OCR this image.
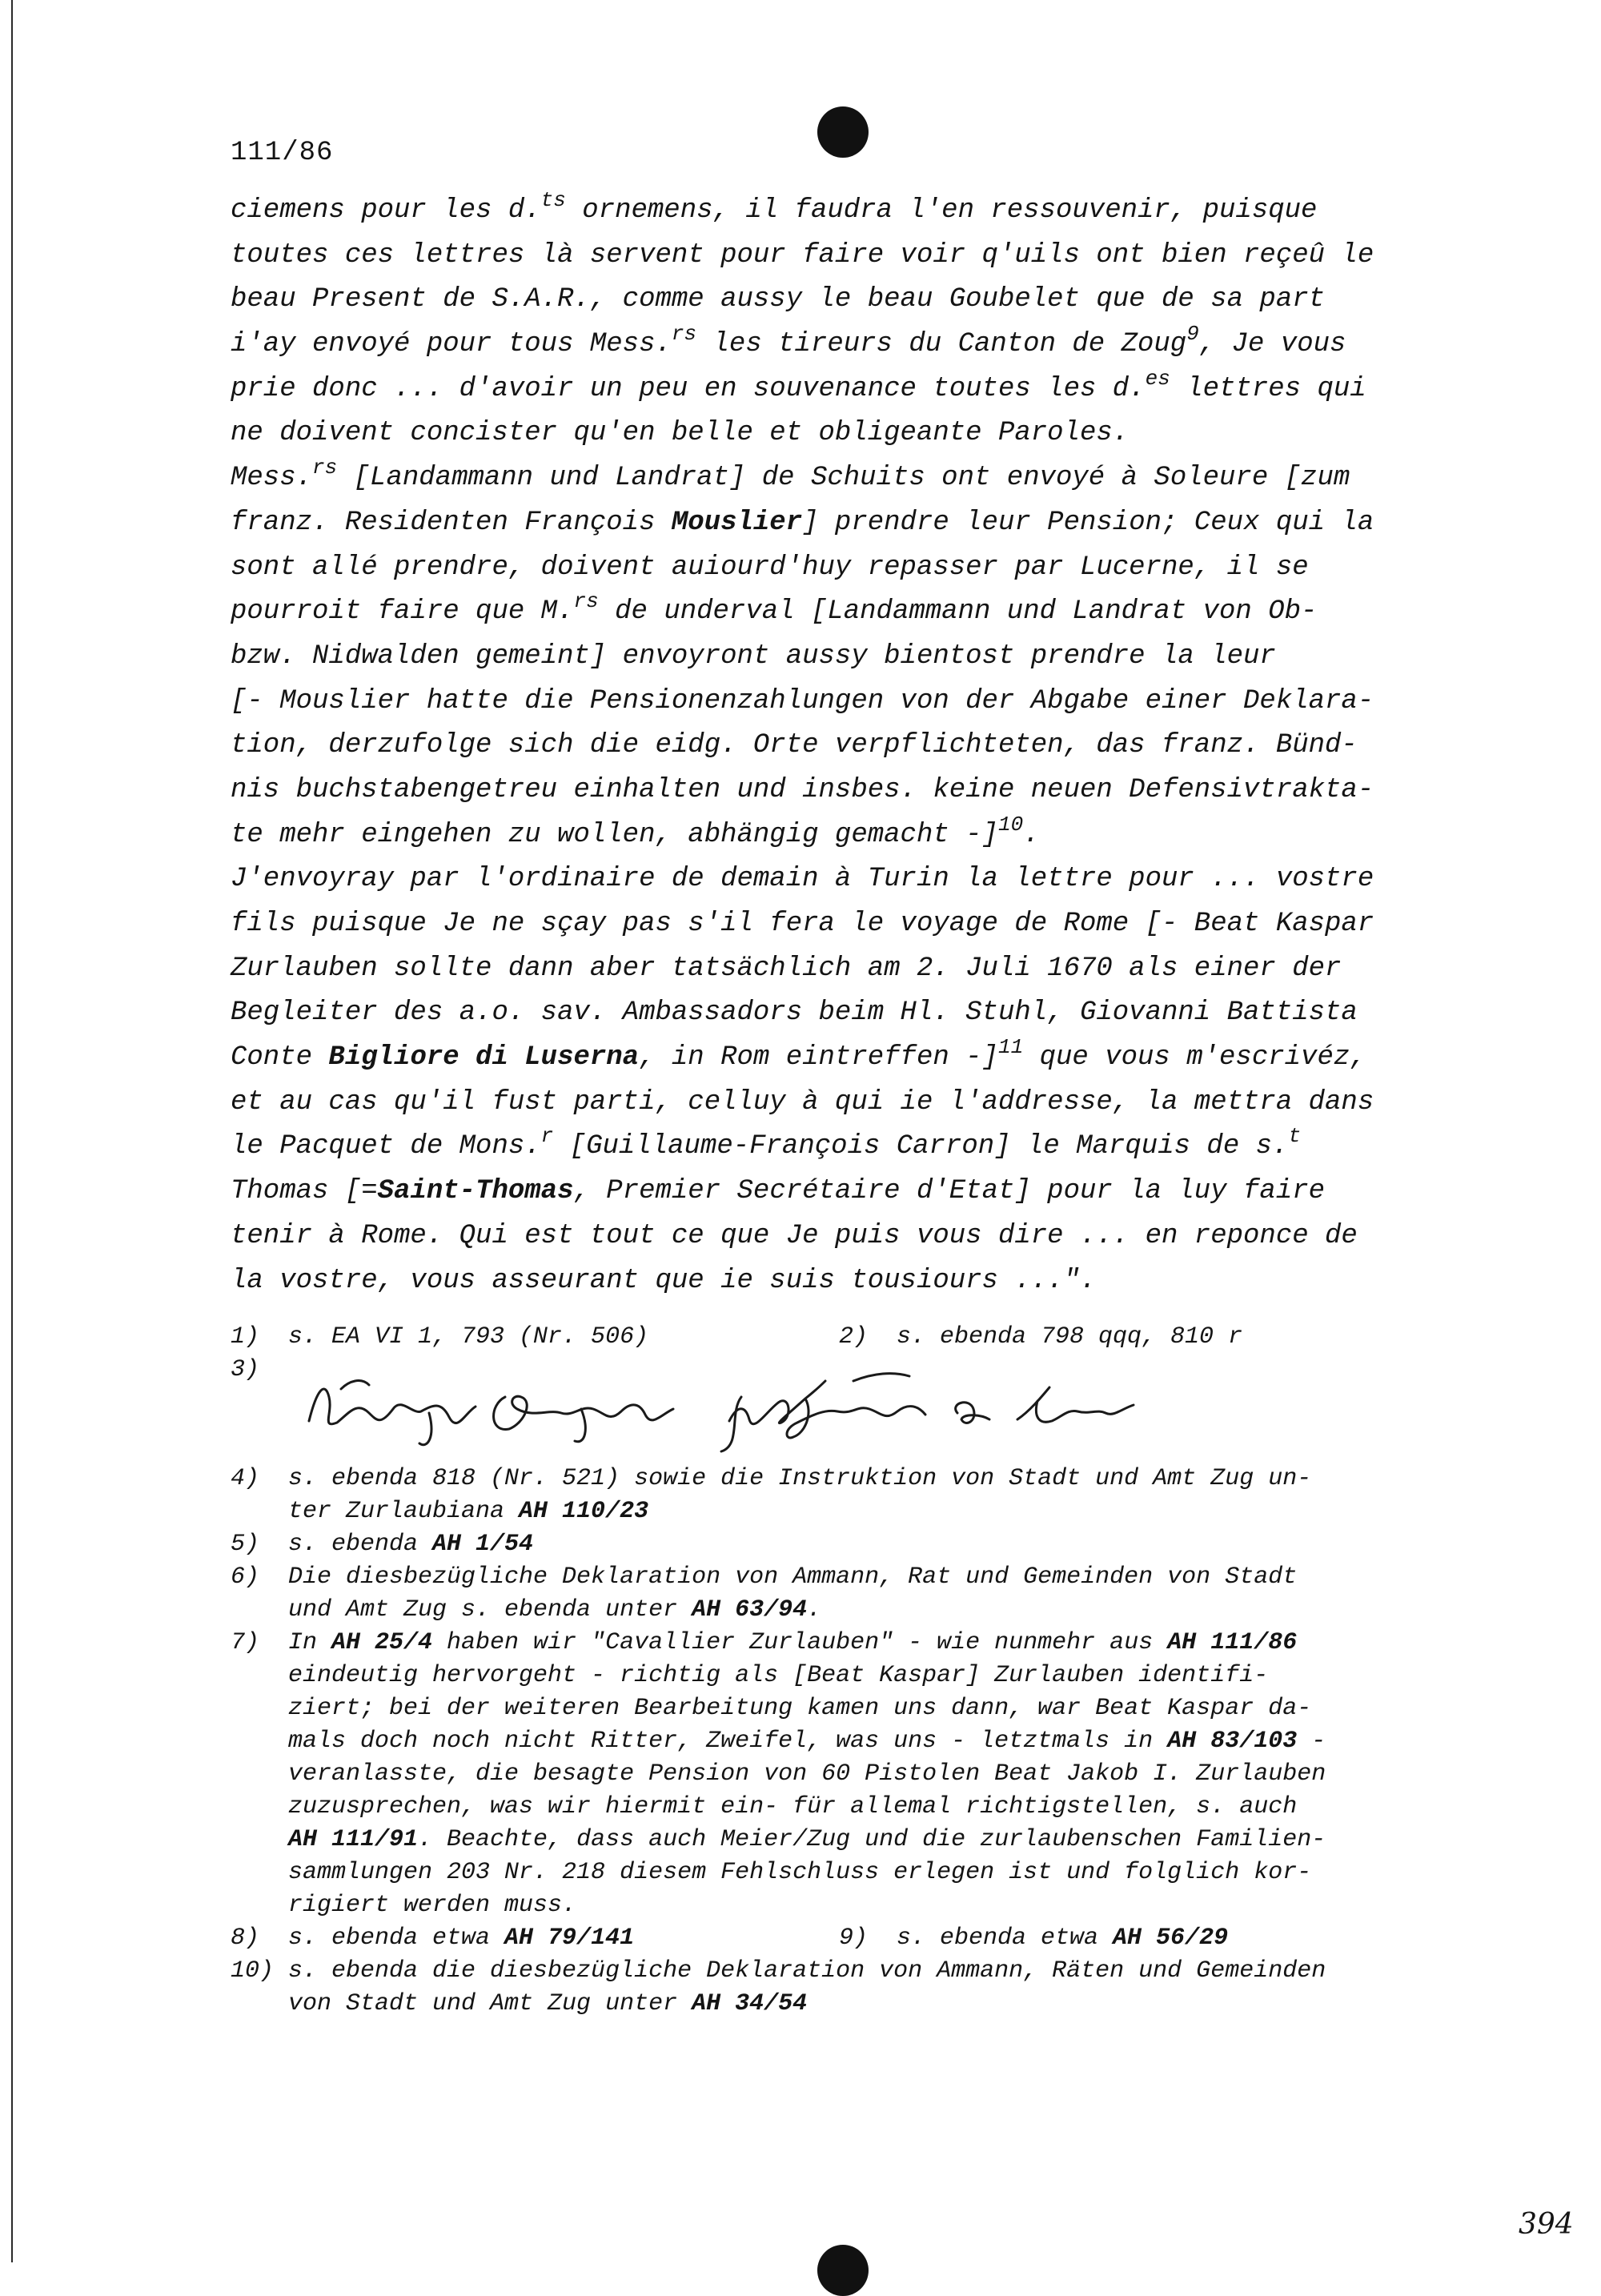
111/86
ciemens pour les d.$^{ts}$ ornemens, il faudra l'en ressouvenir, puisque
toutes ces lettres là servent pour faire voir q'uils ont bien reçeû le
beau Present de S.A.R., comme aussy le beau Goubelet que de sa part
i'ay envoyé pour tous Mess.$^{rs}$ les tireurs du Canton de Zoug$^9$, Je vous
prie donc ... d'avoir un peu en souvenance toutes les d.$^{es}$ lettres qui
ne doivent concister qu'en belle et obligeante Paroles.
Mess.$^{rs}$ [Landammann und Landrat] de Schuits ont envoyé à Soleure [zum
franz. Residenten François Mouslier] prendre leur Pension; Ceux qui la
sont allé prendre, doivent auiourd'huy repasser par Lucerne, il se
pourroit faire que M.$^{rs}$ de underval [Landammann und Landrat von Ob-
bzw. Nidwalden gemeint] envoyront aussy bientost prendre la leur
[- Mouslier hatte die Pensionenzahlungen von der Abgabe einer Deklara-
tion, derzufolge sich die eidg. Orte verpflichteten, das franz. Bünd-
nis buchstabengetreu einhalten und insbes. keine neuen Defensivtrakta-
te mehr eingehen zu wollen, abhängig gemacht -]$^{10}$.
J'envoyray par l'ordinaire de demain à Turin la lettre pour ... vostre
fils puisque Je ne sçay pas s'il fera le voyage de Rome [- Beat Kaspar
Zurlauben sollte dann aber tatsächlich am 2. Juli 1670 als einer der
Begleiter des a.o. sav. Ambassadors beim Hl. Stuhl, Giovanni Battista
Conte Bigliore di Luserna, in Rom eintreffen -]$^{11}$ que vous m'escrivéz,
et au cas qu'il fust parti, celluy à qui ie l'addresse, la mettra dans
le Pacquet de Mons.$^r$ [Guillaume-François Carron] le Marquis de s.$^t$
Thomas [=Saint-Thomas, Premier Secrétaire d'Etat] pour la luy faire
tenir à Rome. Qui est tout ce que Je puis vous dire ... en reponce de
la vostre, vous asseurant que ie suis tousiours ...".
1)	s. EA VI 1, 793 (Nr. 506)	2)	s. ebenda 798 qqq, 810 r
3)
4)	s. ebenda 818 (Nr. 521) sowie die Instruktion von Stadt und Amt Zug un-
ter Zurlaubiana AH 110/23
5)	s. ebenda AH 1/54
6)	Die diesbezügliche Deklaration von Ammann, Rat und Gemeinden von Stadt
und Amt Zug s. ebenda unter AH 63/94.
7)	In AH 25/4 haben wir "Cavallier Zurlauben" - wie nunmehr aus AH 111/86
eindeutig hervorgeht - richtig als [Beat Kaspar] Zurlauben identifi-
ziert; bei der weiteren Bearbeitung kamen uns dann, war Beat Kaspar da-
mals doch noch nicht Ritter, Zweifel, was uns - letztmals in AH 83/103 -
veranlasste, die besagte Pension von 60 Pistolen Beat Jakob I. Zurlauben
zuzusprechen, was wir hiermit ein- für allemal richtigstellen, s. auch
AH 111/91. Beachte, dass auch Meier/Zug und die zurlaubenschen Familien-
sammlungen 203 Nr. 218 diesem Fehlschluss erlegen ist und folglich kor-
rigiert werden muss.
8)	s. ebenda etwa AH 79/141	9)	s. ebenda etwa AH 56/29
10) s. ebenda die diesbezügliche Deklaration von Ammann, Räten und Gemeinden
von Stadt und Amt Zug unter AH 34/54
394
